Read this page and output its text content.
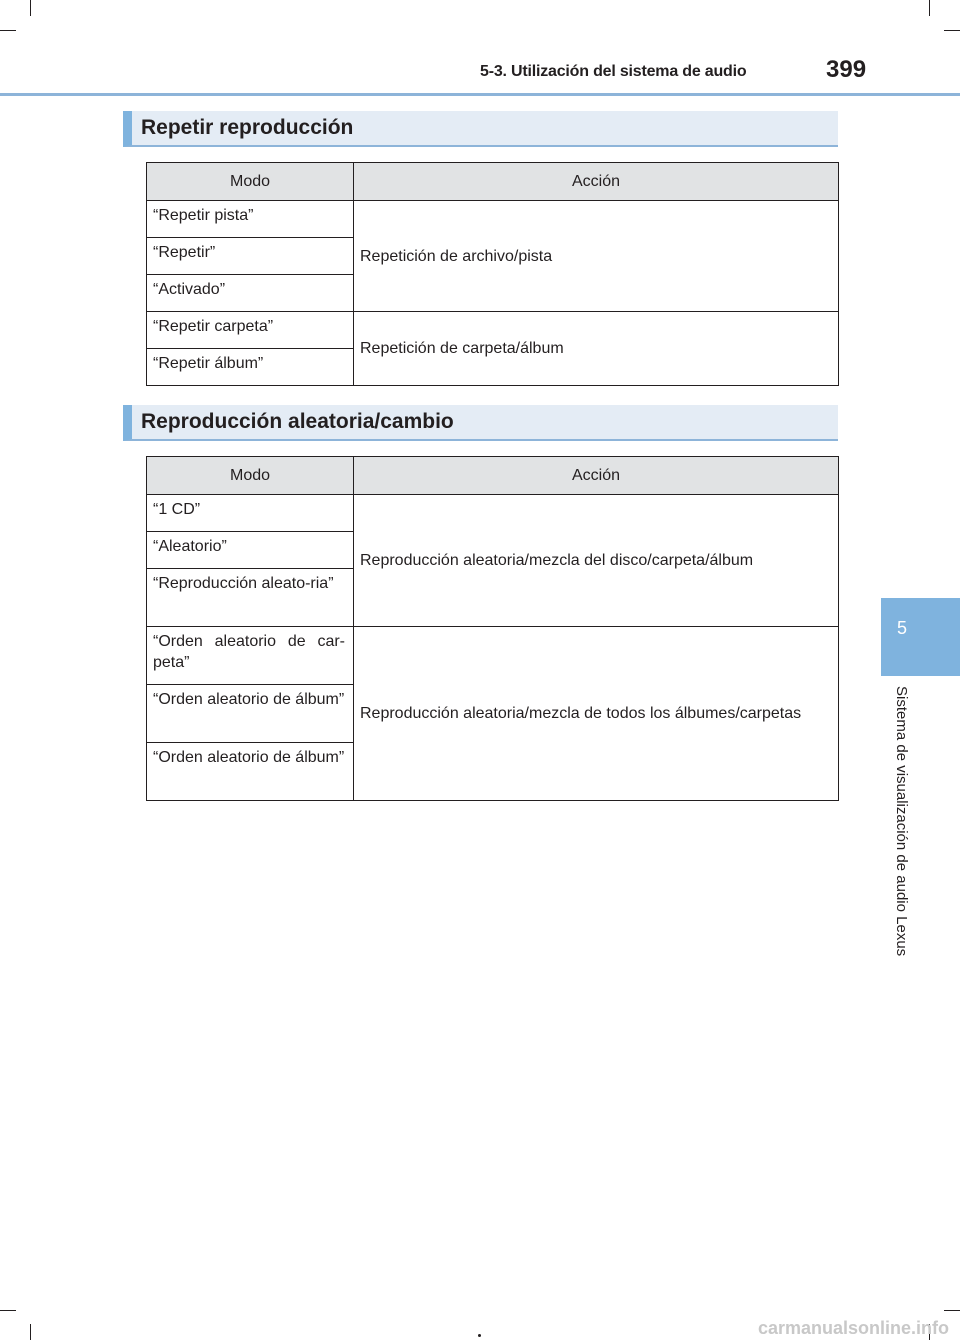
5-3. Utilización del sistema de audio	399
5
Sistema de visualización de audio Lexus
Repetir reproducción
Modo	Acción
“Repetir pista”	Repetición de archivo/pista
“Repetir”	
“Activado”	
“Repetir carpeta”	Repetición de carpeta/álbum
“Repetir álbum”	
Reproducción aleatoria/cambio
Modo	Acción
“1 CD”	Reproducción aleatoria/mezcla del disco/carpeta/álbum
“Aleatorio”	
“Reproducción aleato-ria”	
“Orden aleatorio de car-peta”	Reproducción aleatoria/mezcla de todos los álbumes/carpetas
“Orden aleatorio de álbum”	
“Orden aleatorio de álbum”	
carmanualsonline.info
